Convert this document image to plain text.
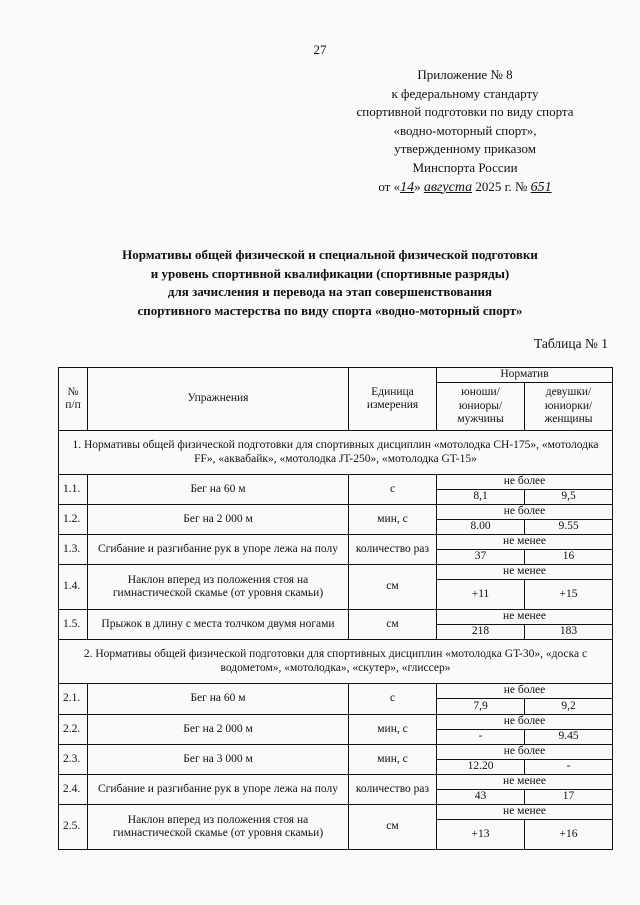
27
Приложение № 8
к федеральному стандарту
спортивной подготовки по виду спорта
«водно-моторный спорт»,
утвержденному приказом
Минспорта России
от «14» августа 2025 г. № 651
Нормативы общей физической и специальной физической подготовки
и уровень спортивной квалификации (спортивные разряды)
для зачисления и перевода на этап совершенствования
спортивного мастерства по виду спорта «водно-моторный спорт»
Таблица № 1
№ п/п	Упражнения	Единица измерения	Норматив	
			юноши/ юниоры/ мужчины	девушки/ юниорки/ женщины
1. Нормативы общей физической подготовки для спортивных дисциплин «мотолодка СН-175», «мотолодка FF», «аквабайк», «мотолодка JT-250», «мотолодка GT-15»				
1.1.	Бег на 60 м	с	не более	
			8,1	9,5
1.2.	Бег на 2 000 м	мин, с	не более	
			8.00	9.55
1.3.	Сгибание и разгибание рук в упоре лежа на полу	количество раз	не менее	
			37	16
1.4.	Наклон вперед из положения стоя на гимнастической скамье (от уровня скамьи)	см	не менее	
			+11	+15
1.5.	Прыжок в длину с места толчком двумя ногами	см	не менее	
			218	183
2. Нормативы общей физической подготовки для спортивных дисциплин «мотолодка GT-30», «доска с водометом», «мотолодка», «скутер», «глиссер»				
2.1.	Бег на 60 м	с	не более	
			7,9	9,2
2.2.	Бег на 2 000 м	мин, с	не более	
			-	9.45
2.3.	Бег на 3 000 м	мин, с	не более	
			12.20	-
2.4.	Сгибание и разгибание рук в упоре лежа на полу	количество раз	не менее	
			43	17
2.5.	Наклон вперед из положения стоя на гимнастической скамье (от уровня скамьи)	см	не менее	
			+13	+16
